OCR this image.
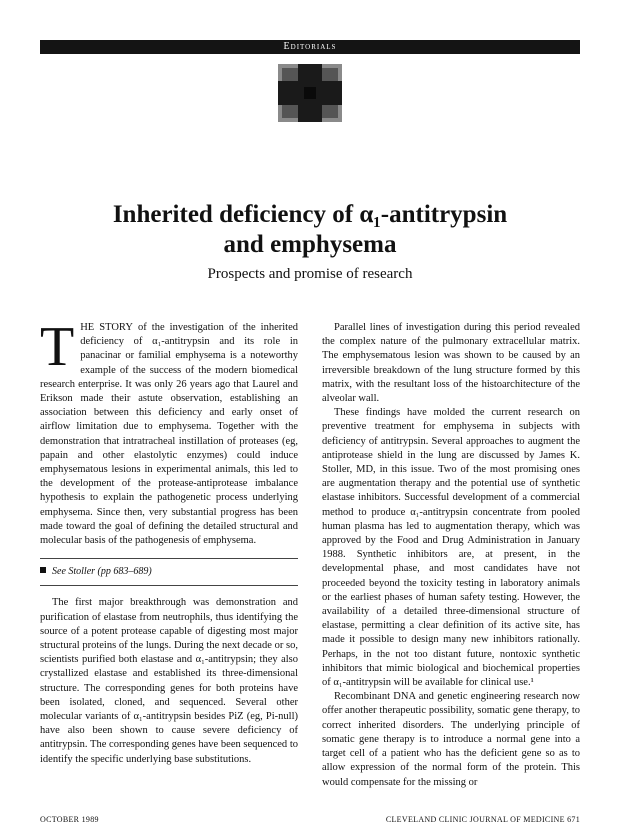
Editorials
Inherited deficiency of α₁-antitrypsin
and emphysema

Prospects and promise of research

THE STORY of the investigation of the inherited deficiency of α₁-antitrypsin and its role in panacinar or familial emphysema is a noteworthy example of the success of the modern biomedical research enterprise. It was only 26 years ago that Laurel and Erikson made their astute observation, establishing an association between this deficiency and early onset of airflow limitation due to emphysema. Together with the demonstration that intratracheal instillation of proteases (eg, papain and other elastolytic enzymes) could induce emphysematous lesions in experimental animals, this led to the development of the protease-antiprotease imbalance hypothesis to explain the pathogenetic process underlying emphysema. Since then, very substantial progress has been made toward the goal of defining the detailed structural and molecular basis of the pathogenesis of emphysema.

See Stoller (pp 683–689)

The first major breakthrough was demonstration and purification of elastase from neutrophils, thus identifying the source of a potent protease capable of digesting most major structural proteins of the lungs. During the next decade or so, scientists purified both elastase and α₁-antitrypsin; they also crystallized elastase and established its three-dimensional structure. The corresponding genes for both proteins have been isolated, cloned, and sequenced. Several other molecular variants of α₁-antitrypsin besides PiZ (eg, Pi-null) have also been shown to cause severe deficiency of antitrypsin. The corresponding genes have been sequenced to identify the specific underlying base substitutions.

Parallel lines of investigation during this period revealed the complex nature of the pulmonary extracellular matrix. The emphysematous lesion was shown to be caused by an irreversible breakdown of the lung structure formed by this matrix, with the resultant loss of the histoarchitecture of the alveolar wall.

These findings have molded the current research on preventive treatment for emphysema in subjects with deficiency of antitrypsin. Several approaches to augment the antiprotease shield in the lung are discussed by James K. Stoller, MD, in this issue. Two of the most promising ones are augmentation therapy and the potential use of synthetic elastase inhibitors. Successful development of a commercial method to produce α₁-antitrypsin concentrate from pooled human plasma has led to augmentation therapy, which was approved by the Food and Drug Administration in January 1988. Synthetic inhibitors are, at present, in the developmental phase, and most candidates have not proceeded beyond the toxicity testing in laboratory animals or the earliest phases of human safety testing. However, the availability of a detailed three-dimensional structure of elastase, permitting a clear definition of its active site, has made it possible to design many new inhibitors rationally. Perhaps, in the not too distant future, nontoxic synthetic inhibitors that mimic biological and biochemical properties of α₁-antitrypsin will be available for clinical use.¹

Recombinant DNA and genetic engineering research now offer another therapeutic possibility, somatic gene therapy, to correct inherited disorders. The underlying principle of somatic gene therapy is to introduce a normal gene into a target cell of a patient who has the deficient gene so as to allow expression of the normal form of the protein. This would compensate for the missing or

OCTOBER 1989	CLEVELAND CLINIC JOURNAL OF MEDICINE 671
